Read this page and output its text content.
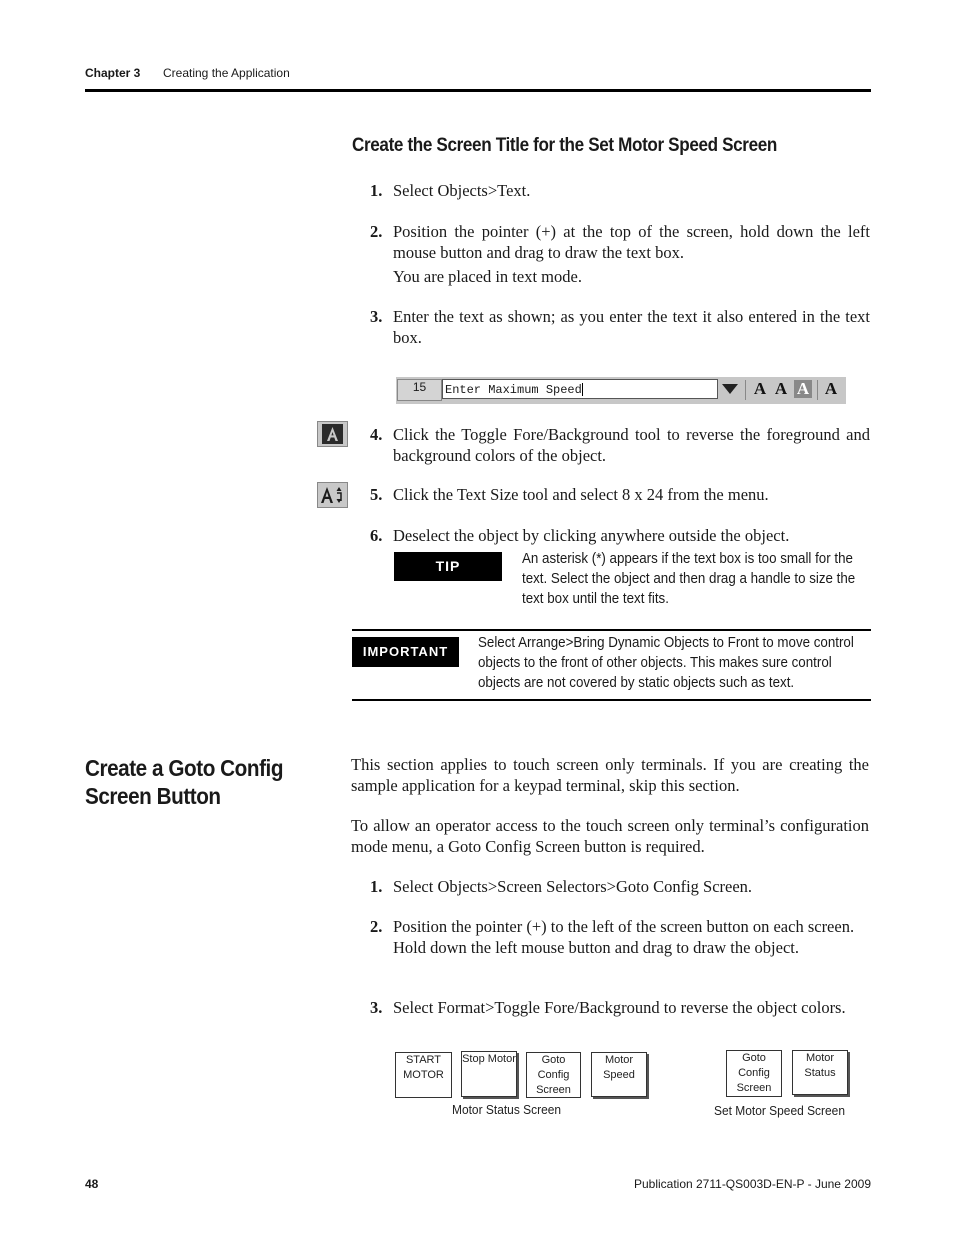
Chapter 3 Creating the Application
Create the Screen Title for the Set Motor Speed Screen
1. Select Objects>Text.
2. Position the pointer (+) at the top of the screen, hold down the left mouse button and drag to draw the text box.
You are placed in text mode.
3. Enter the text as shown; as you enter the text it also entered in the text box.
15	Enter Maximum Speed	A A A A
4. Click the Toggle Fore/Background tool to reverse the foreground and background colors of the object.
5. Click the Text Size tool and select 8 x 24 from the menu.
6. Deselect the object by clicking anywhere outside the object.
TIP	An asterisk (*) appears if the text box is too small for the
text. Select the object and then drag a handle to size the
text box until the text fits.
IMPORTANT
Select Arrange>Bring Dynamic Objects to Front to move control
objects to the front of other objects. This makes sure control
objects are not covered by static objects such as text.
Create a Goto Config Screen Button
This section applies to touch screen only terminals. If you are creating the sample application for a keypad terminal, skip this section.
To allow an operator access to the touch screen only terminal’s configuration mode menu, a Goto Config Screen button is required.
1. Select Objects>Screen Selectors>Goto Config Screen.
2. Position the pointer (+) to the left of the screen button on each screen.
Hold down the left mouse button and drag to draw the object.
3. Select Format>Toggle Fore/Background to reverse the object colors.
START MOTOR
Stop Motor	Goto Config Screen
Motor Speed
Motor Status Screen
Goto Config Screen
Motor Status
Set Motor Speed Screen
48	Publication 2711-QS003D-EN-P - June 2009
